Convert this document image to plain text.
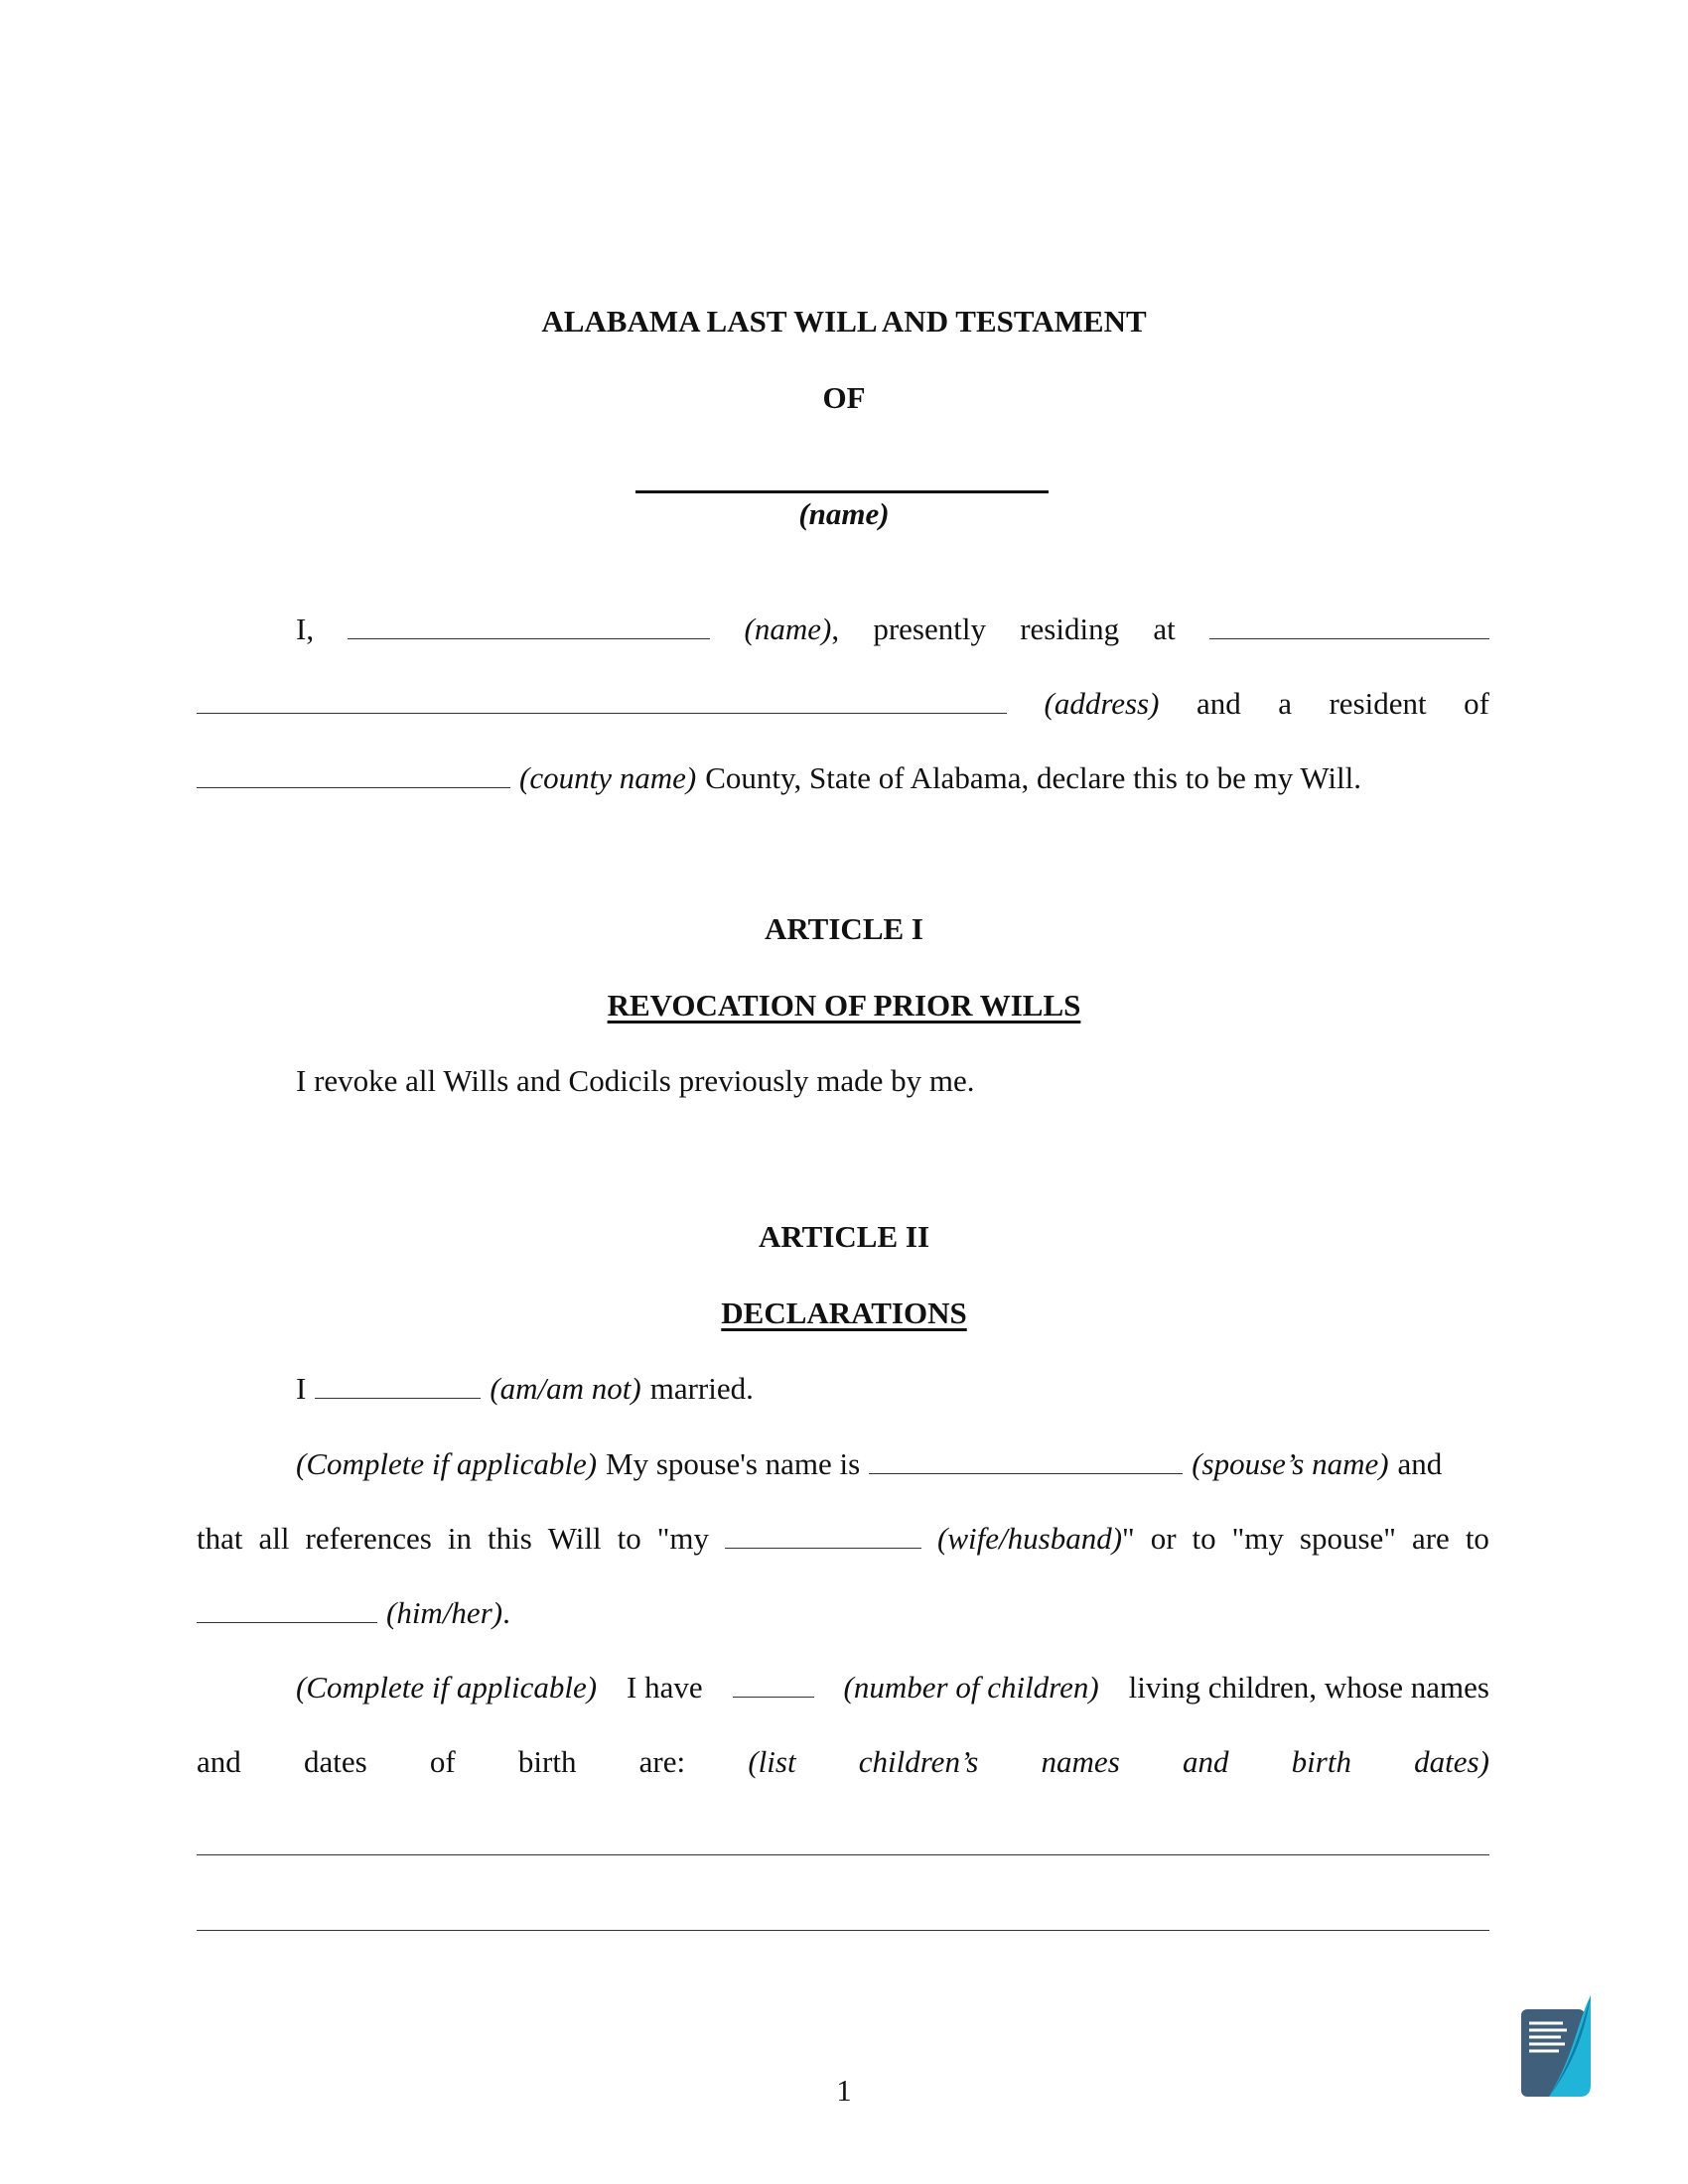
ALABAMA LAST WILL AND TESTAMENT
OF
(name)
I,	(name), presently residing at
(address) and a resident of
(county name) County, State of Alabama, declare this to be my Will.
ARTICLE I
REVOCATION OF PRIOR WILLS
I revoke all Wills and Codicils previously made by me.
ARTICLE II
DECLARATIONS
I	(am/am not) married.
(Complete if applicable) My spouse's name is	(spouse’s name) and
that all references in this Will to "my	(wife/husband)" or to "my spouse" are to
(him/her).
(Complete if applicable) I have	(number of children) living children, whose names
and dates of birth are: (list children’s names and birth dates)
1
